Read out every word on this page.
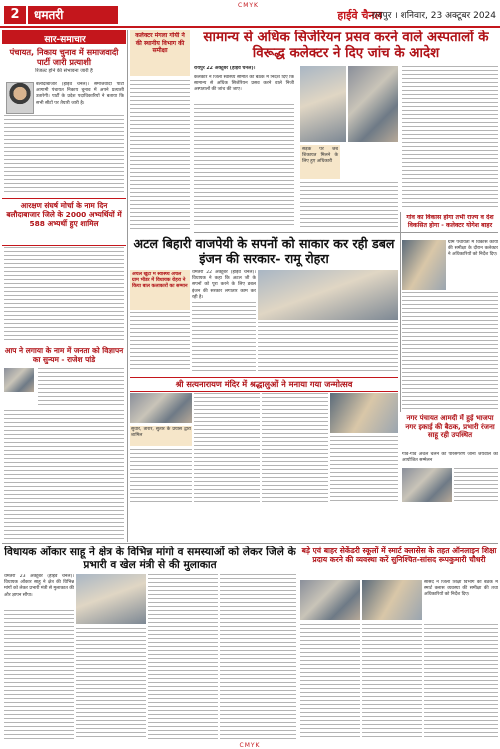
2	धमतरी
CMYK
हाईवे चैनल
रायपुर । शनिवार, 23 अक्टूबर 2024
सार-समाचार
पंचायत, निकाय चुनाव में समाजवादी पार्टी जारी प्रत्याशी
रिजल्ट होने की संभावना जारी है
बलौदाबाजार (हाईवे चैनल)। समाजवादी पार्टी आगामी पंचायत निकाय चुनाव में अपने प्रत्याशी उतारेगी। पार्टी के प्रदेश पदाधिकारियों ने बताया कि सभी सीटों पर तैयारी जारी है।
आरक्षण संघर्ष मोर्चा के नाम दिन बलौदाबाजार जिले के 2000 अभ्यर्थियों में 588 अभ्यर्थी हुए शामिल
आप ने लगाया के नाम में जनता को विज्ञापन का सुन्यम - राजेश पांडे
कलेक्टर मंगला गोयी ने की स्थानीय विभाग की समीक्षा
सड़क पर जब शिकायत मिलने के लिए हुए अधिकारी
सामान्य से अधिक सिजेरियन प्रसव करने वाले अस्पतालों के विरूद्ध कलेक्टर ने दिए जांच के आदेश
रायपुर 22 अक्टूबर (हाईवे चैनल)।
कलेक्टर ने जिला स्वास्थ्य समिति की बैठक में निर्देश दिए कि सामान्य से अधिक सिजेरियन प्रसव करने वाले निजी अस्पतालों की जांच की जाए।
गांव का विकास होगा तभी राज्य व देश विकसित होगा - कलेक्टर योगेश बाहर
ग्राम पंचायतों में विकास कार्यों की समीक्षा के दौरान कलेक्टर ने अधिकारियों को निर्देश दिए।
अटल बिहारी वाजपेयी के सपनों को साकार कर रही डबल इंजन की सरकार- रामू रोहरा
अंचल खुटो में स्वास्थ्य अंचल ग्राम भीडर में विधायक रोहरा ने किया बाल कलाकारों का सम्मान
धमतरी 22 अक्टूबर (हाईवे चैनल)। विधायक ने कहा कि अटल जी के सपनों को पूरा करने के लिए डबल इंजन की सरकार लगातार काम कर रही है।
श्री सत्यनारायण मंदिर में श्रद्धालुओं ने मनाया गया जन्मोत्सव
सुधार, तारार, सुतार के प्रयास द्वारा शामिल
नगर पंचायत आमदी में हुई भाजपा नगर इकाई की बैठक, प्रभारी रंजना साहू रही उपस्थित
गांव-गांव अंचल चलने की परिसंगरण जाना जयवाल का आयोजित सम्मेलन
विधायक ओंकार साहू ने क्षेत्र के विभिन्न मांगो व समस्याओं को लेकर जिले के प्रभारी व खेल मंत्री से की मुलाकात
धमतरी 23 अक्टूबर (हाईवे चैनल)। विधायक ओंकार साहू ने क्षेत्र की विभिन्न मांगों को लेकर प्रभारी मंत्री से मुलाकात की और ज्ञापन सौंपा।
बड़े एवं बाहर सेकेंडरी स्कूलों में स्मार्ट क्लासेस के तहत ऑनलाइन शिक्षा प्रदाय करने की व्यवस्था करें सुनिश्चित-सांसद रूपकुमारी चौधरी
सांसद ने जिला शिक्षा विभाग की बैठक में स्मार्ट क्लास व्यवस्था की समीक्षा की तथा अधिकारियों को निर्देश दिए।
CMYK
